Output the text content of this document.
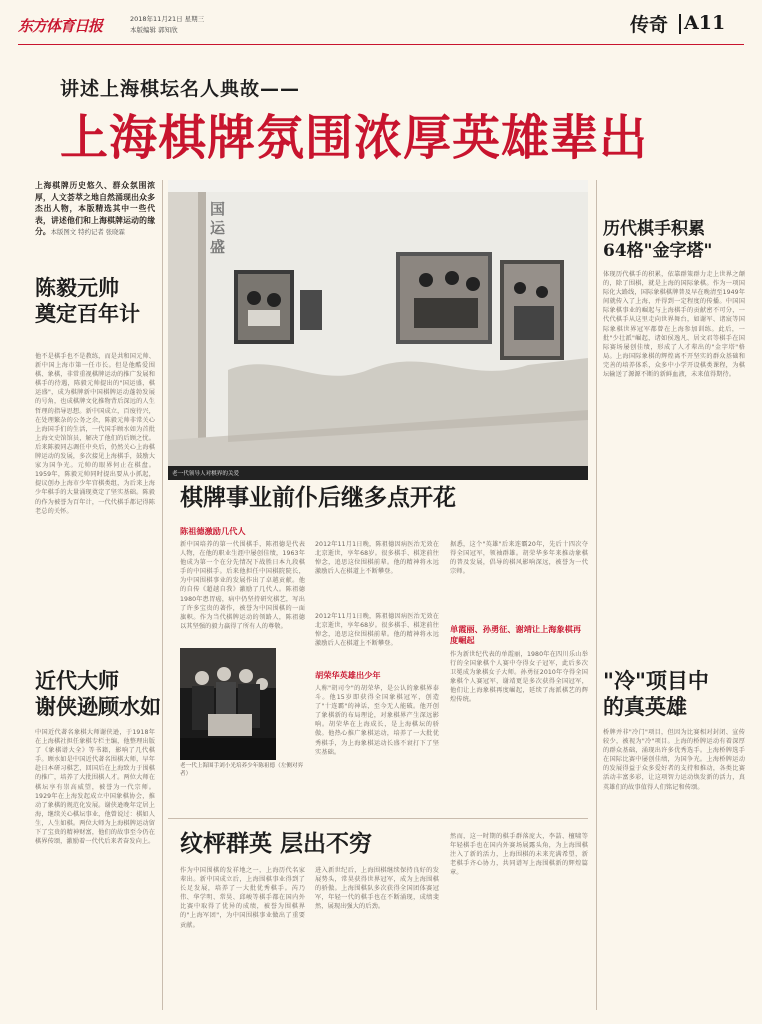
东方体育日报	2018年11月21日 星期三
本版编辑 郭知欣	传奇 A11
讲述上海棋坛名人典故——
上海棋牌氛围浓厚英雄辈出
上海棋牌历史悠久、群众氛围浓厚，人文荟萃之地自然涌现出众多杰出人物，本版精选其中一些代表，讲述他们和上海棋牌运动的缘分。本版图文 特约记者 张晓霖
陈毅元帅
奠定百年计
他不是棋手也不是教练，而是共和国元帅、新中国上海市第一任市长。但是他酷爱围棋、象棋，非常重视棋牌运动的推广发展和棋手的待遇，陈毅元帅提出的"国运盛，棋运盛"，成为棋牌新中国棋牌运动蓬勃发展的号角，也成棋牌文化推物背后深远的人生哲理的指导思想。新中国成立，百废待兴，在处理繁杂的公务之余，陈毅元帅非常关心上海国手们的生活，一代国手顾水如为首批上海文史馆馆员，解决了他们的后顾之忧。后来陈毅同志调任中央后，仍然关心上海棋牌运动的发展，多次接见上海棋手，鼓励大家为国争光。元帅的眼界何止在棋盘。1959年，陈毅元帅同时提出要从小抓起，提议创办上海市少年宫棋类组，为后来上海少年棋手的大量涌现奠定了坚实基础。陈毅的作为被誉为百年计，一代代棋手都记得陈老总的关怀。
近代大师
谢侠逊顾水如
中国近代著名象棋大师谢侠逊，于1918年在上海棋社担任象棋专栏主编，他整理出版了《象棋谱大全》等书籍，影响了几代棋手。顾水如是中国近代著名围棋大师，早年赴日本研习棋艺，回国后在上海致力于围棋的推广，培养了大批围棋人才。两位大师在棋坛享有崇高威望，被誉为一代宗师。1929年在上海发起成立中国象棋协会，推动了象棋的规范化发展。谢侠逊晚年定居上海，继续关心棋坛事业，他曾说过：棋如人生，人生如棋。两位大师为上海棋牌运动留下了宝贵的精神财富，他们的故事至今仍在棋界传颂，激励着一代代后来者奋发向上。
国运盛
老一代领导人对棋界的关爱
棋牌事业前仆后继多点开花
陈祖德激励几代人
新中国培养的第一代围棋手，陈祖德是代表人物，在他的职业生涯中屡创佳绩，1963年他成为第一个在分先情况下战胜日本九段棋手的中国棋手。后来他担任中国棋院院长，为中国围棋事业的发展作出了卓越贡献。他的自传《超越自我》激励了几代人。陈祖德1980年患胃癌，病中仍坚持研究棋艺，写出了许多宝贵的著作，被誉为中国围棋的一面旗帜。作为当代棋牌运动的领路人，陈祖德以其坚强的毅力赢得了所有人的尊敬。
老一代上海围手刘小光培养少年陈祖德（左侧对弈者）
2012年11月1日晚，陈祖德因病医治无效在北京逝世，享年68岁。很多棋手、棋迷前往悼念，追思这位围棋前辈。他的精神将永远激励后人在棋道上不断攀登。
2012年11月1日晚，陈祖德因病医治无效在北京逝世，享年68岁。很多棋手、棋迷前往悼念，追思这位围棋前辈。他的精神将永远激励后人在棋道上不断攀登。
胡荣华英雄出少年
人称"胡司令"的胡荣华，是公认的象棋界泰斗。他15岁即获得全国象棋冠军，创造了"十连霸"的神话，至今无人能破。他开创了象棋新的布局理论，对象棋界产生深远影响。胡荣华在上海成长，是上海棋坛的骄傲。他热心推广象棋运动，培养了一大批优秀棋手，为上海象棋运动长盛不衰打下了坚实基础。
据悉，这个"英雄"后来连霸20年，先后十四次夺得全国冠军，领袖群雄。胡荣华多年来推动象棋的普及发展，倡导的棋风影响深远，被誉为一代宗师。
单霞丽、孙勇征、谢靖让上海象棋再度崛起
作为新世纪代表的单霞丽，1980年在四川乐山举行的全国象棋个人赛中夺得女子冠军，此后多次卫冕成为象棋女子大师。孙勇征2010年夺得全国象棋个人赛冠军，谢靖更是多次获得全国冠军，他们让上海象棋再度崛起，延续了海派棋艺的辉煌传统。
纹枰群英 层出不穷
作为中国围棋的发祥地之一，上海历代名家辈出。新中国成立后，上海围棋事业得到了长足发展，培养了一大批优秀棋手。芮乃伟、华学明、常昊、邱峻等棋手都在国内外比赛中取得了优异的成绩，被誉为围棋界的"上海军团"，为中国围棋事业做出了重要贡献。
进入新世纪后，上海围棋继续保持良好的发展势头，常昊获得世界冠军，成为上海围棋的骄傲。上海围棋队多次获得全国团体赛冠军，年轻一代的棋手也在不断涌现，成绩斐然，展现出强大的后劲。
然而，这一时期的棋手群落庞大，李喆、檀啸等年轻棋手也在国内外赛场展露头角，为上海围棋注入了新的活力，上海围棋的未来充满希望，新老棋手齐心协力，共同谱写上海围棋新的辉煌篇章。
历代棋手积累
64格"金字塔"
体现历代棋手的积累，依靠群策群力走上世界之颠的，除了围棋，就是上海的国际象棋。作为一项国际化大路线，国际象棋棋牌普及早在晚清至1949年间就传入了上海，并得到一定程度的传播。中国国际象棋事业的崛起与上海棋手的贡献密不可分，一代代棋手从这里走向世界舞台，如谢军、诸宸等国际象棋世界冠军都曾在上海参加训练。此后，一批"少壮派"崛起，诸如侯逸凡、居文君等棋手在国际赛场屡创佳绩，形成了人才辈出的"金字塔"格局。上海国际象棋的辉煌离不开坚实的群众基础和完善的培养体系，众多中小学开设棋类课程，为棋坛输送了源源不断的新鲜血液，未来值得期待。
"冷"项目中
的真英雄
桥牌并非"冷门"项目，但因为比赛相对封闭、宣传较少，被视为"冷"项目。上海的桥牌运动有着深厚的群众基础，涌现出许多优秀选手。上海桥牌选手在国际比赛中屡创佳绩，为国争光。上海桥牌运动的发展得益于众多爱好者的支持和推动，各类比赛活动丰富多彩，让这项智力运动焕发新的活力，真英雄们的故事值得人们铭记和传颂。
